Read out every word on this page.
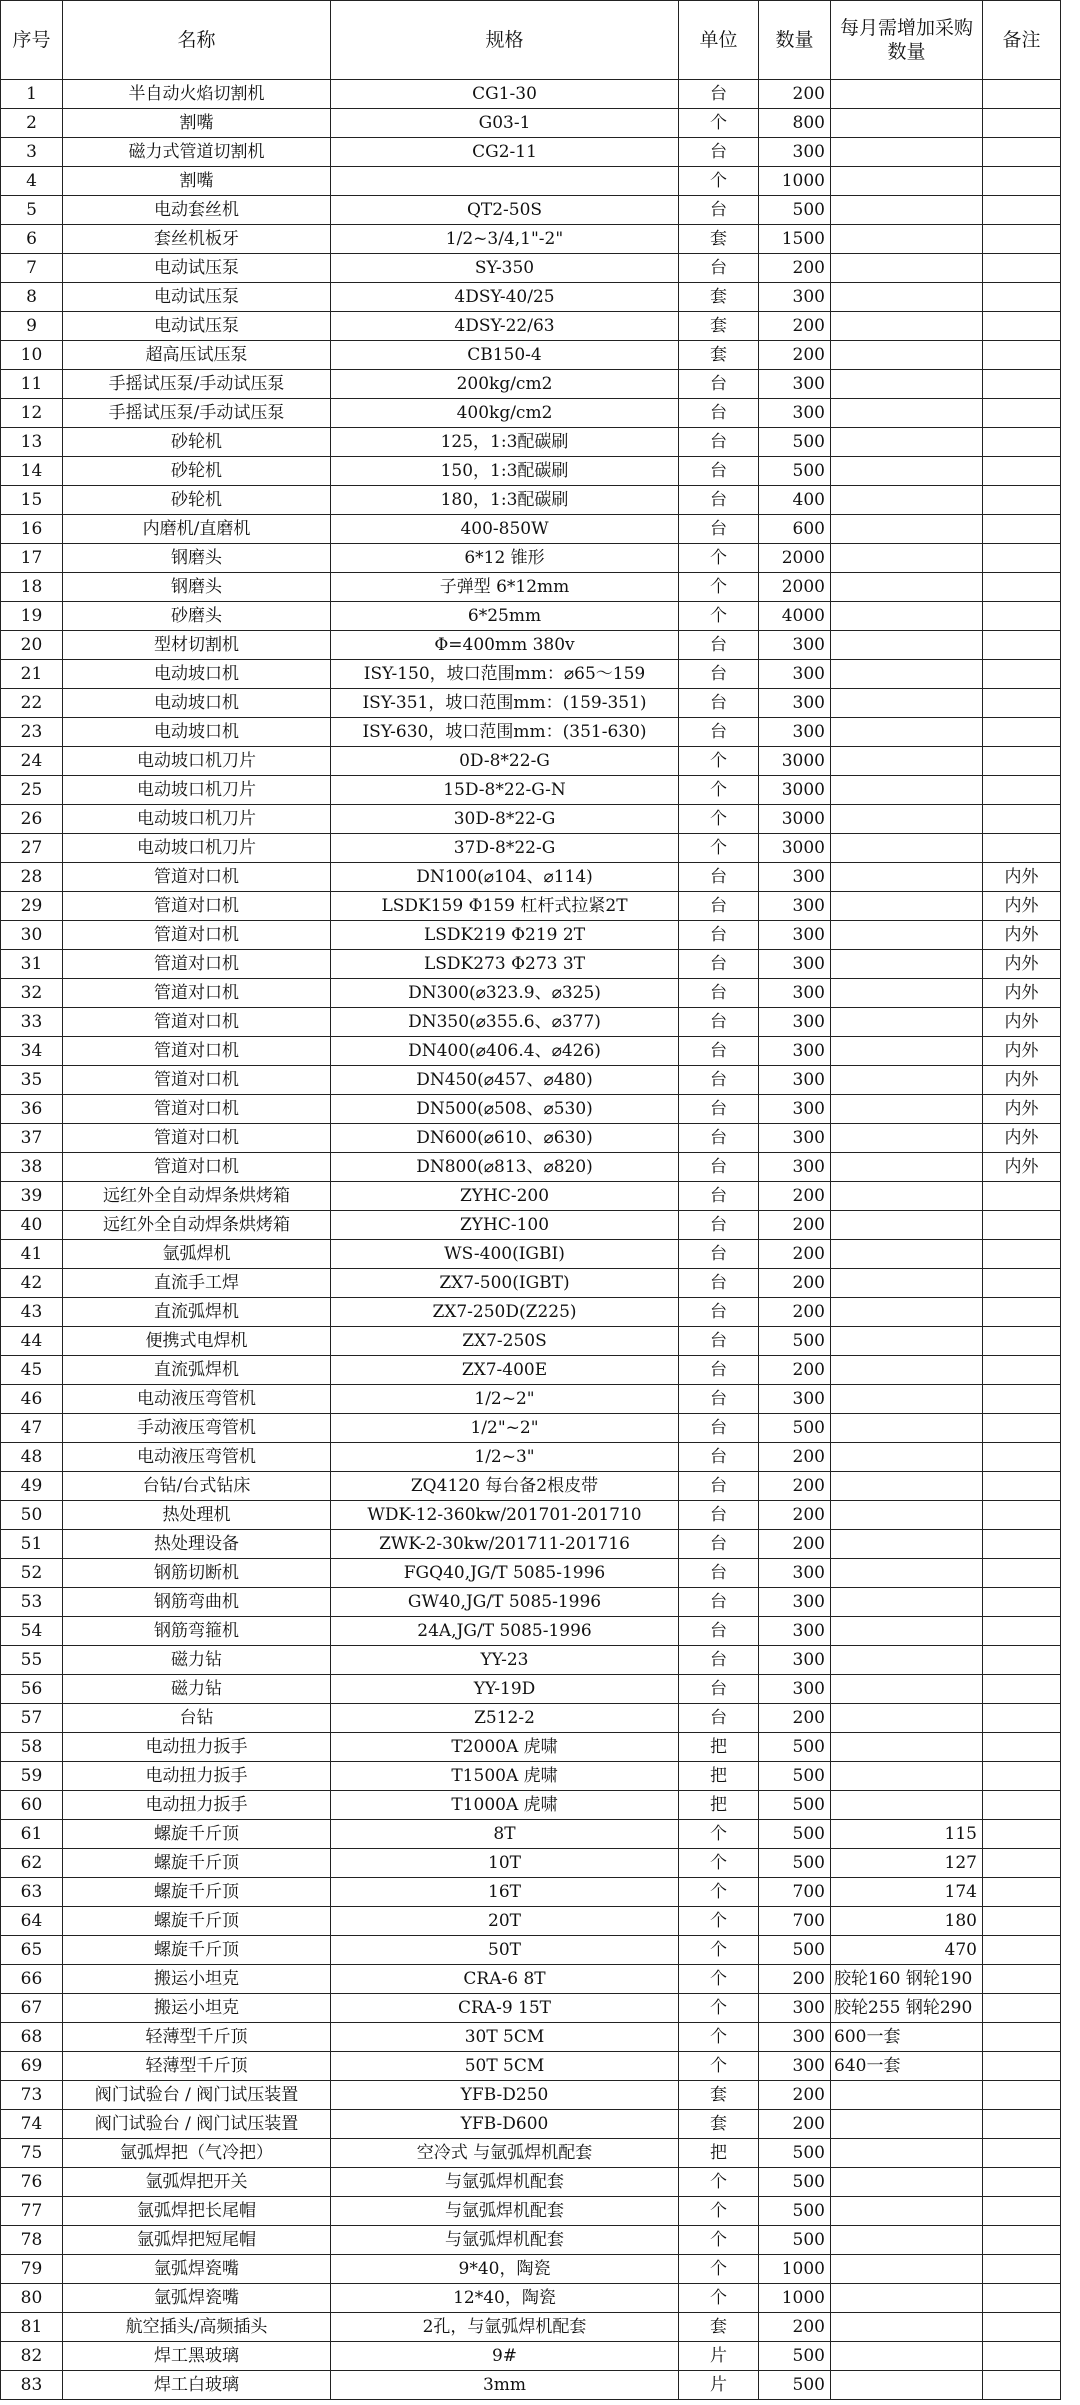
序号	名称	规格	单位	数量	每月需增加采购数量	备注
1	半自动火焰切割机	CG1-30	台	200		
2	割嘴	G03-1	个	800		
3	磁力式管道切割机	CG2-11	台	300		
4	割嘴		个	1000		
5	电动套丝机	QT2-50S	台	500		
6	套丝机板牙	1/2~3/4,1"-2"	套	1500		
7	电动试压泵	SY-350	台	200		
8	电动试压泵	4DSY-40/25	套	300		
9	电动试压泵	4DSY-22/63	套	200		
10	超高压试压泵	CB150-4	套	200		
11	手摇试压泵/手动试压泵	200kg/cm2	台	300		
12	手摇试压泵/手动试压泵	400kg/cm2	台	300		
13	砂轮机	125，1:3配碳刷	台	500		
14	砂轮机	150，1:3配碳刷	台	500		
15	砂轮机	180，1:3配碳刷	台	400		
16	内磨机/直磨机	400-850W	台	600		
17	钢磨头	6*12 锥形	个	2000		
18	钢磨头	子弹型 6*12mm	个	2000		
19	砂磨头	6*25mm	个	4000		
20	型材切割机	Φ=400mm 380v	台	300		
21	电动坡口机	ISY-150，坡口范围mm：⌀65～159	台	300		
22	电动坡口机	ISY-351，坡口范围mm：(159-351)	台	300		
23	电动坡口机	ISY-630，坡口范围mm：(351-630)	台	300		
24	电动坡口机刀片	0D-8*22-G	个	3000		
25	电动坡口机刀片	15D-8*22-G-N	个	3000		
26	电动坡口机刀片	30D-8*22-G	个	3000		
27	电动坡口机刀片	37D-8*22-G	个	3000		
28	管道对口机	DN100(⌀104、⌀114)	台	300		内外
29	管道对口机	LSDK159 Φ159 杠杆式拉紧2T	台	300		内外
30	管道对口机	LSDK219 Φ219 2T	台	300		内外
31	管道对口机	LSDK273 Φ273 3T	台	300		内外
32	管道对口机	DN300(⌀323.9、⌀325)	台	300		内外
33	管道对口机	DN350(⌀355.6、⌀377)	台	300		内外
34	管道对口机	DN400(⌀406.4、⌀426)	台	300		内外
35	管道对口机	DN450(⌀457、⌀480)	台	300		内外
36	管道对口机	DN500(⌀508、⌀530)	台	300		内外
37	管道对口机	DN600(⌀610、⌀630)	台	300		内外
38	管道对口机	DN800(⌀813、⌀820)	台	300		内外
39	远红外全自动焊条烘烤箱	ZYHC-200	台	200		
40	远红外全自动焊条烘烤箱	ZYHC-100	台	200		
41	氩弧焊机	WS-400(IGBI)	台	200		
42	直流手工焊	ZX7-500(IGBT)	台	200		
43	直流弧焊机	ZX7-250D(Z225)	台	200		
44	便携式电焊机	ZX7-250S	台	500		
45	直流弧焊机	ZX7-400E	台	200		
46	电动液压弯管机	1/2~2"	台	300		
47	手动液压弯管机	1/2"~2"	台	500		
48	电动液压弯管机	1/2~3"	台	200		
49	台钻/台式钻床	ZQ4120 每台备2根皮带	台	200		
50	热处理机	WDK-12-360kw/201701-201710	台	200		
51	热处理设备	ZWK-2-30kw/201711-201716	台	200		
52	钢筋切断机	FGQ40,JG/T 5085-1996	台	300		
53	钢筋弯曲机	GW40,JG/T 5085-1996	台	300		
54	钢筋弯箍机	24A,JG/T 5085-1996	台	300		
55	磁力钻	YY-23	台	300		
56	磁力钻	YY-19D	台	300		
57	台钻	Z512-2	台	200		
58	电动扭力扳手	T2000A 虎啸	把	500		
59	电动扭力扳手	T1500A 虎啸	把	500		
60	电动扭力扳手	T1000A 虎啸	把	500		
61	螺旋千斤顶	8T	个	500	115	
62	螺旋千斤顶	10T	个	500	127	
63	螺旋千斤顶	16T	个	700	174	
64	螺旋千斤顶	20T	个	700	180	
65	螺旋千斤顶	50T	个	500	470	
66	搬运小坦克	CRA-6 8T	个	200	胶轮160 钢轮190	
67	搬运小坦克	CRA-9 15T	个	300	胶轮255 钢轮290	
68	轻薄型千斤顶	30T 5CM	个	300	600一套	
69	轻薄型千斤顶	50T 5CM	个	300	640一套	
73	阀门试验台 / 阀门试压装置	YFB-D250	套	200		
74	阀门试验台 / 阀门试压装置	YFB-D600	套	200		
75	氩弧焊把（气冷把）	空冷式 与氩弧焊机配套	把	500		
76	氩弧焊把开关	与氩弧焊机配套	个	500		
77	氩弧焊把长尾帽	与氩弧焊机配套	个	500		
78	氩弧焊把短尾帽	与氩弧焊机配套	个	500		
79	氩弧焊瓷嘴	9*40，陶瓷	个	1000		
80	氩弧焊瓷嘴	12*40，陶瓷	个	1000		
81	航空插头/高频插头	2孔，与氩弧焊机配套	套	200		
82	焊工黑玻璃	9#	片	500		
83	焊工白玻璃	3mm	片	500		
